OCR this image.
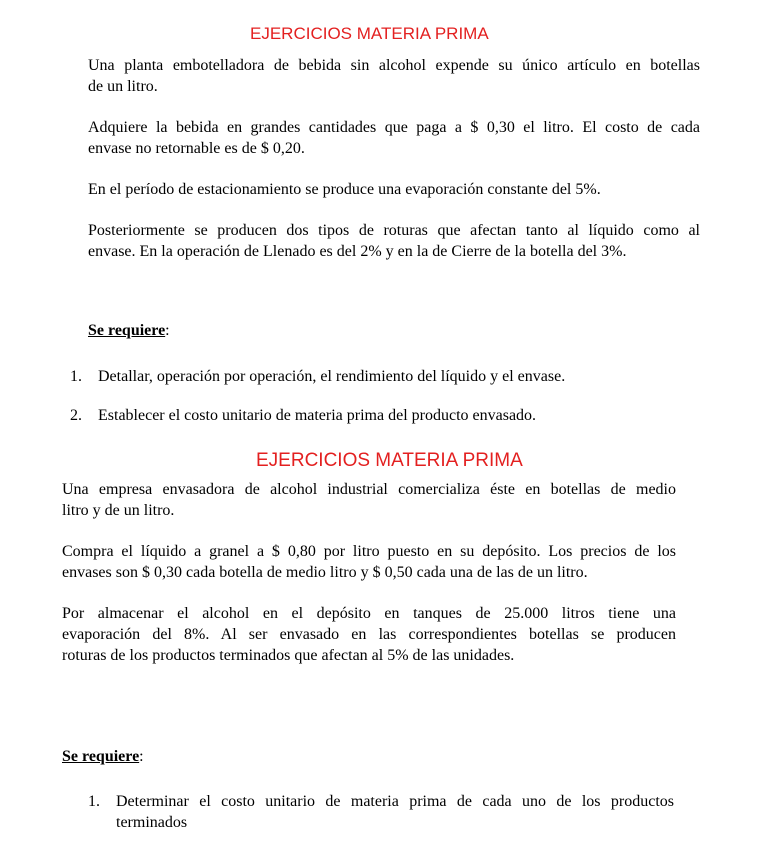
EJERCICIOS MATERIA PRIMA
Una planta embotelladora de bebida sin alcohol expende su único artículo en botellas
de un litro.
Adquiere la bebida en grandes cantidades que paga a $ 0,30 el litro. El costo de cada
envase no retornable es de $ 0,20.
En el período de estacionamiento se produce una evaporación constante del 5%.
Posteriormente se producen dos tipos de roturas que afectan tanto al líquido como al
envase. En la operación de Llenado es del 2% y en la de Cierre de la botella del 3%.

Se requiere:

1. Detallar, operación por operación, el rendimiento del líquido y el envase.
2. Establecer el costo unitario de materia prima del producto envasado.
EJERCICIOS MATERIA PRIMA
Una empresa envasadora de alcohol industrial comercializa éste en botellas de medio
litro y de un litro.
Compra el líquido a granel a $ 0,80 por litro puesto en su depósito. Los precios de los
envases son $ 0,30 cada botella de medio litro y $ 0,50 cada una de las de un litro.
Por almacenar el alcohol en el depósito en tanques de 25.000 litros tiene una
evaporación del 8%. Al ser envasado en las correspondientes botellas se producen
roturas de los productos terminados que afectan al 5% de las unidades.

Se requiere:

1. Determinar el costo unitario de materia prima de cada uno de los productos
terminados
